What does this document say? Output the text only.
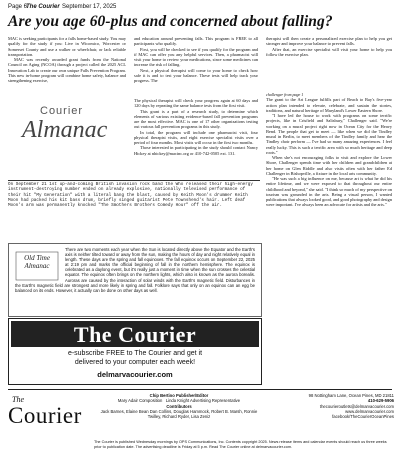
Page 6
The Courier September 17, 2025
Are you age 60-plus and concerned about falling?

MAC is seeking participants for a falls home-based study. You may qualify for the study if you: Live in Wicomico, Worcester or Somerset County and use a walker or wheelchair, or lack reliable transportation.

MAC was recently awarded grant funds from the National Council on Aging (NCOA) through a project called the 2025 ACL Innovation Lab to create our own unique Falls Prevention Program. This new in-home program will combine home safety, balance and strengthening exercise,

and education around preventing falls. This program is FREE to all participants who qualify.

First, you will be checked to see if you qualify for the program and if MAC can offer you any helpful services. Then, a pharmacist will visit your home to review your medications, since some medicines can increase the risk of falling.

Next, a physical therapist will come to your home to check how safe it is and to test your balance. These tests will help track your progress. The

therapist will then create a personalized exercise plan to help you get stronger and improve your balance to prevent falls.

After that, an exercise specialist will visit your home to help you follow the exercise plan.

Courier
Almanac

The physical therapist will check your progress again at 60 days and 120 days by repeating the same balance tests from the first visit.

This grant is a part of a research study, to determine which elements of various existing evidence-based fall prevention programs are the most effective. MAC is one of 17 other organizations testing out various fall prevention programs in this study.

In total, the program will include one pharmacist visit, four physical therapist visits, and eight exercise specialist visits over a period of four months. Most visits will occur in the first two months.

Those interested in participating in the study should contact Nancy Hickey at nhickey@macinc.org or 410-742-0505 ext. 131.

challenger from page 1

The grant to the Art League fulfills part of Beach to Bay's five-year action plan intended to elevate, celebrate, and sustain the stories, traditions, and natural heritage of Maryland's Lower Eastern Shore.

"I have led the house to work with programs on some terrific projects, like in Crisfield and Salisbury," Challenger said. "We're working on a mural project right now in Ocean City for the Heavy Bend. The people that get to meet — like when we did the Tindley mural in Berlin, to meet members of the Tindley family and hear the Tindley choir perform — I've had so many amazing experiences. I feel really lucky. This is such a terrific area with so much heritage and deep roots."

When she's not encouraging folks to visit and explore the Lower Shore, Challenger spends time with her children and grandchildren at her home on Glen Riddle and also visits often with her father Ed Challenger in Bishopville, a fixture in the local arts community.

"He was such a big influence on me, because art is what he did his entire lifetime, and we were exposed to that throughout our entire childhood and beyond," she said. "I think so much of my perspective on tourism was grounded in the arts. Being a visual person, I wanted publications that always looked good, and good photography and design were important. I've always been an advocate for artists and the arts."

On September 21 1st up-and-coming British invasion rock band the Who released their high-energy instrument-destroying number ended on already explosive, nationally televised performance of their hit "My Generation" with a literal bang the blast, caused by Keith Moon's drummer Keith Moon had packed his kit bass drum, briefly singed guitarist Pete Townshend's hair. Left deaf Moon's arm was permanently knocked "The Smothers Brothers Comedy Hour" off the air.
Old Time Almanac
There are two moments each year when the Sun is located directly above the Equator and the Earth's axis is neither tilted toward or away from the sun, making the hours of day and night relatively equal in length. These days are the spring and fall equinoxes. The fall equinox occurs on September 22, 2025 at 2:19 pm and marks the official beginning of fall in the northern hemisphere. The equinox is celebrated as a daylong event, but it's really just a moment in time when the sun crosses the celestial equator. The equinox often brings on the northern lights, which also is known as the aurora borealis. Auroras are caused by the interaction of solar winds with the Earth's magnetic field. Disturbances in the Earth's magnetic field are strongest and more likely in spring and fall. Folklore says that only on an equinox can an egg be balanced on its ends. However, it actually can be done on other days as well.
The Courier
e-subscribe FREE to The Courier and get it
delivered to your computer each week!
delmarvacourier.com
The
Courier
Chip Bertino Publisher/Editor
Mary Adair Composition Linda Knight Advertising Representative
Contributors
Jack Barnes, Elaine Bean Dan Collins, Douglas Hammock, Robert B. Marsh, Ronnie Twilley, Richard Ryder, Lisa Zeniz
98 Nottingham Lane, Ocean Pines, MD 21811
410-629-5906
thecourieroutlets@delmarvacourier.com
www.delmarvacourier.com
facebook/TheCourierOceanPines
The Courier is published Wednesday mornings by OPS Communications, Inc. Contents copyright 2025. News release items and calendar events should reach us three weeks prior to publication date. The advertising deadline is Friday at 5 p.m. Read The Courier online at delmarvacourier.com.
